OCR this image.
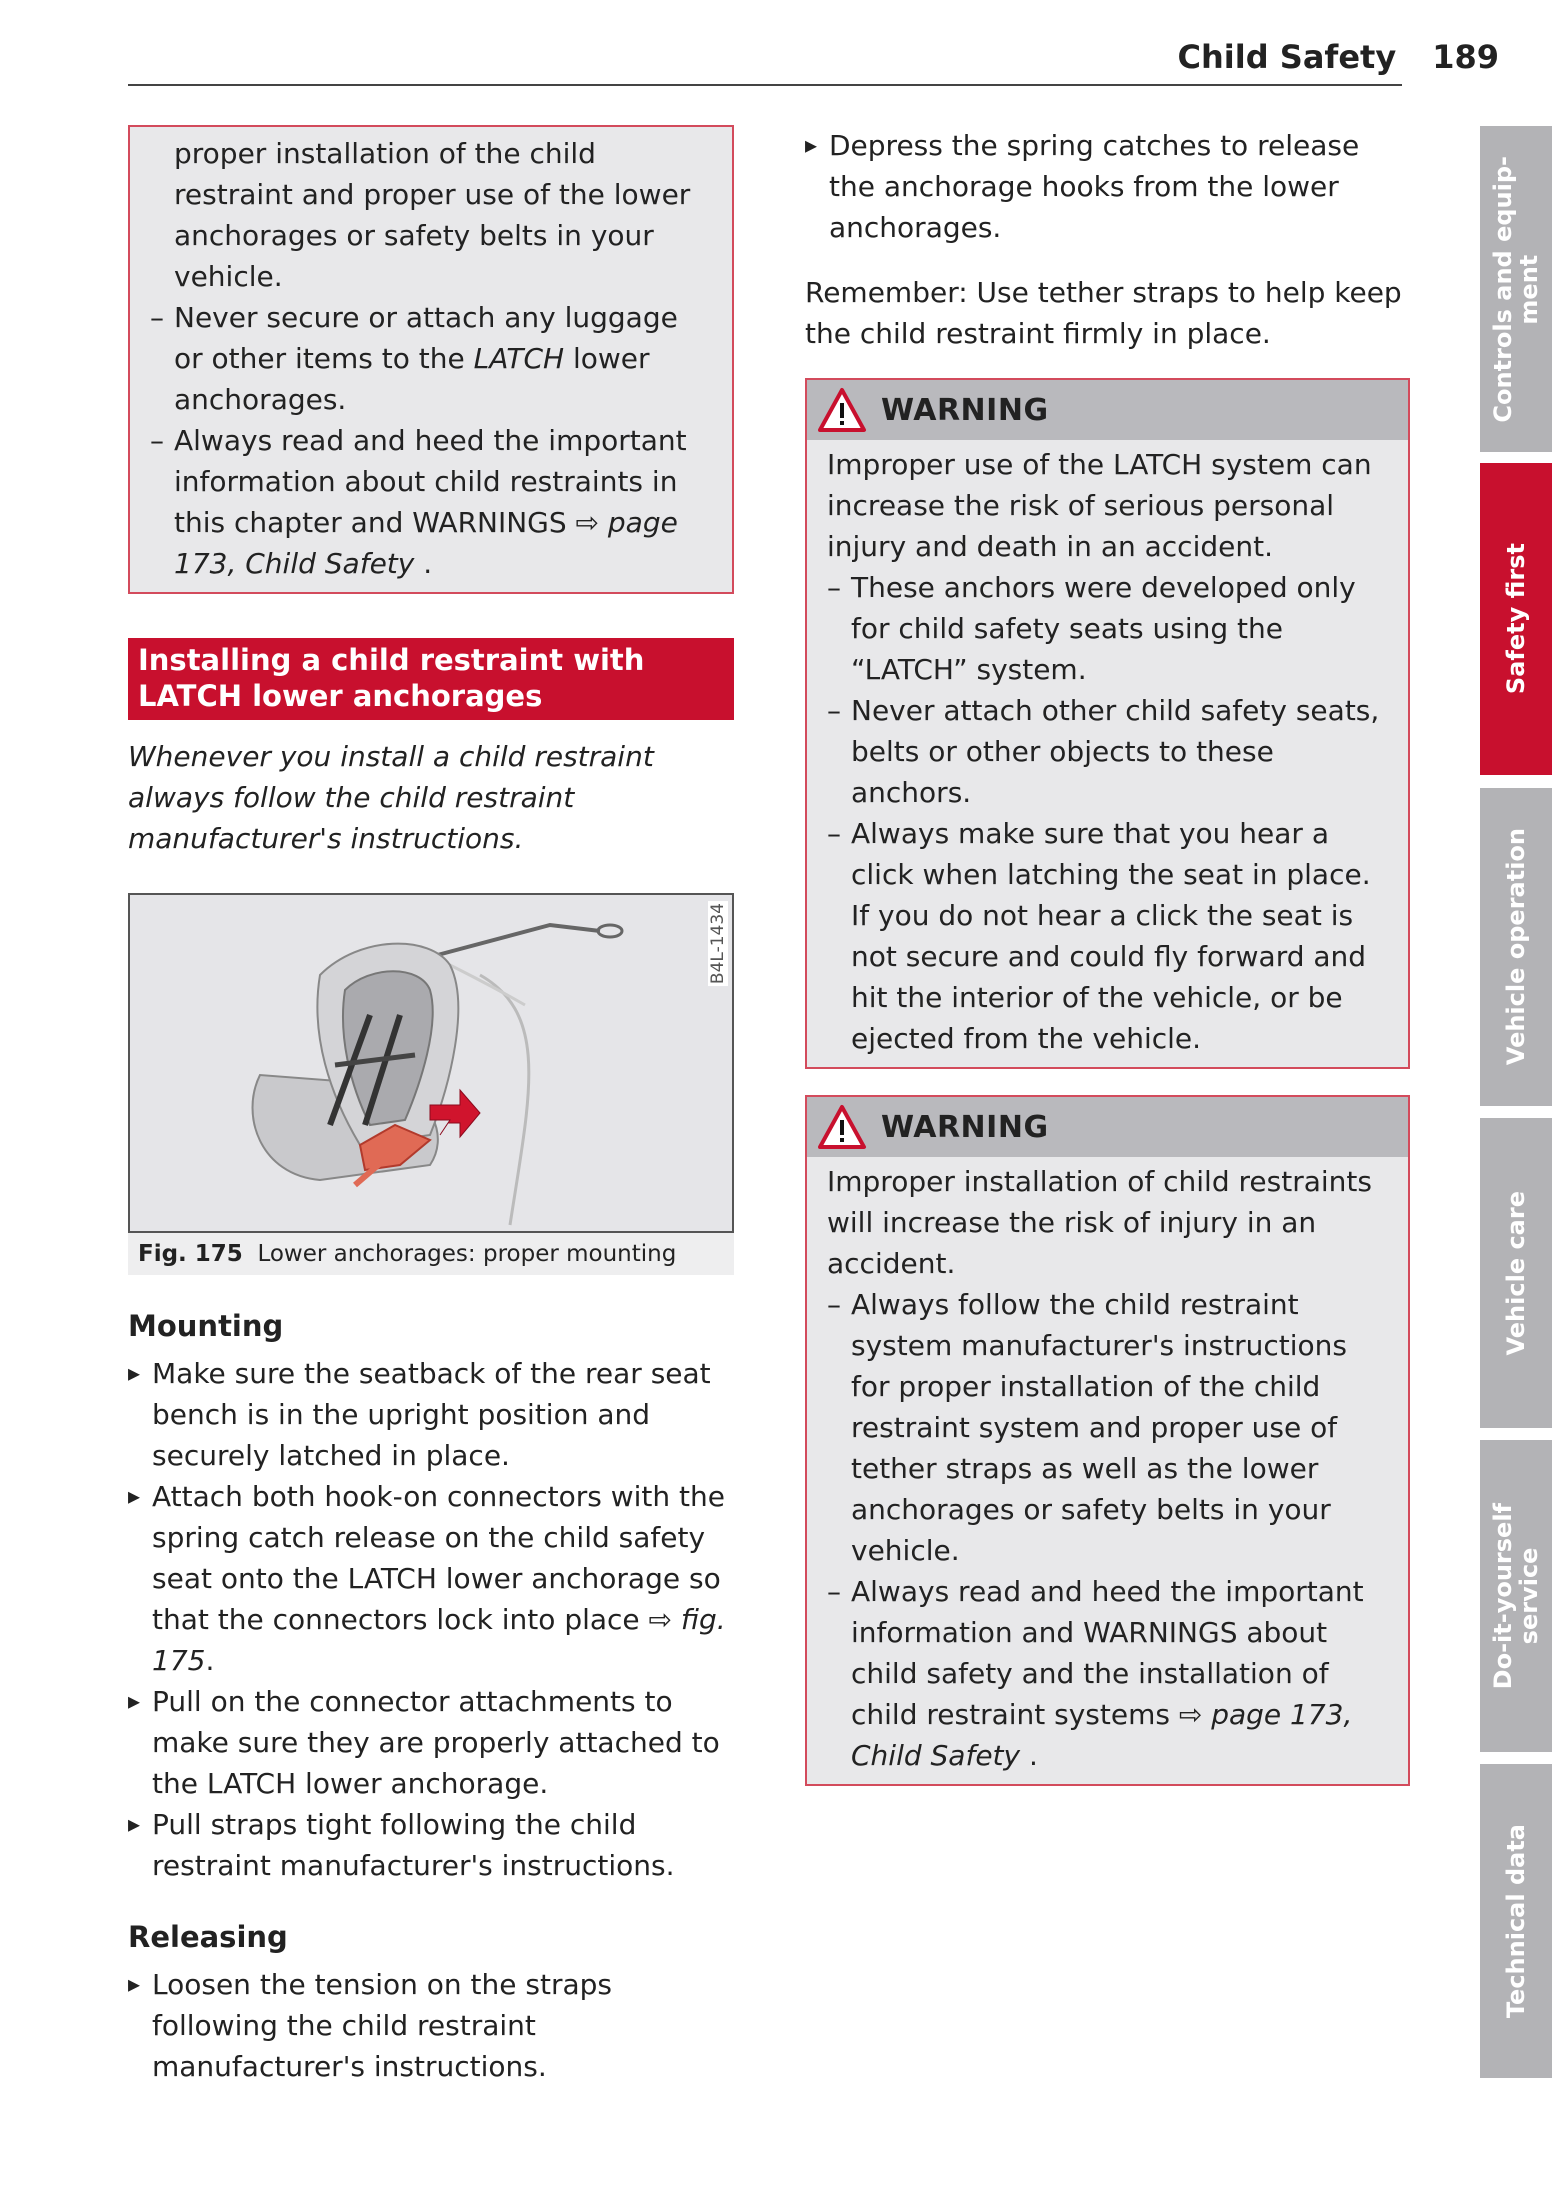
Child Safety 189
proper installation of the child restraint and proper use of the lower anchorages or safety belts in your vehicle.
– Never secure or attach any luggage or other items to the LATCH lower anchorages.
– Always read and heed the important information about child restraints in this chapter and WARNINGS ⇨ page 173, Child Safety .
Installing a child restraint with LATCH lower anchorages
Whenever you install a child restraint always follow the child restraint manufacturer's instructions.
B4L-1434
Fig. 175 Lower anchorages: proper mounting
Mounting
▸ Make sure the seatback of the rear seat bench is in the upright position and securely latched in place.
▸ Attach both hook-on connectors with the spring catch release on the child safety seat onto the LATCH lower anchorage so that the connectors lock into place ⇨ fig. 175.
▸ Pull on the connector attachments to make sure they are properly attached to the LATCH lower anchorage.
▸ Pull straps tight following the child restraint manufacturer's instructions.
Releasing
▸ Loosen the tension on the straps following the child restraint manufacturer's instructions.
▸ Depress the spring catches to release the anchorage hooks from the lower anchorages.
Remember: Use tether straps to help keep the child restraint firmly in place.
WARNING
Improper use of the LATCH system can increase the risk of serious personal injury and death in an accident.
– These anchors were developed only for child safety seats using the “LATCH” system.
– Never attach other child safety seats, belts or other objects to these anchors.
– Always make sure that you hear a click when latching the seat in place. If you do not hear a click the seat is not secure and could fly forward and hit the interior of the vehicle, or be ejected from the vehicle.
WARNING
Improper installation of child restraints will increase the risk of injury in an accident.
– Always follow the child restraint system manufacturer's instructions for proper installation of the child restraint system and proper use of tether straps as well as the lower anchorages or safety belts in your vehicle.
– Always read and heed the important information and WARNINGS about child safety and the installation of child restraint systems ⇨ page 173, Child Safety .
Controls and equip-
ment
Safety first
Vehicle operation
Vehicle care
Do-it-yourself
service
Technical data
